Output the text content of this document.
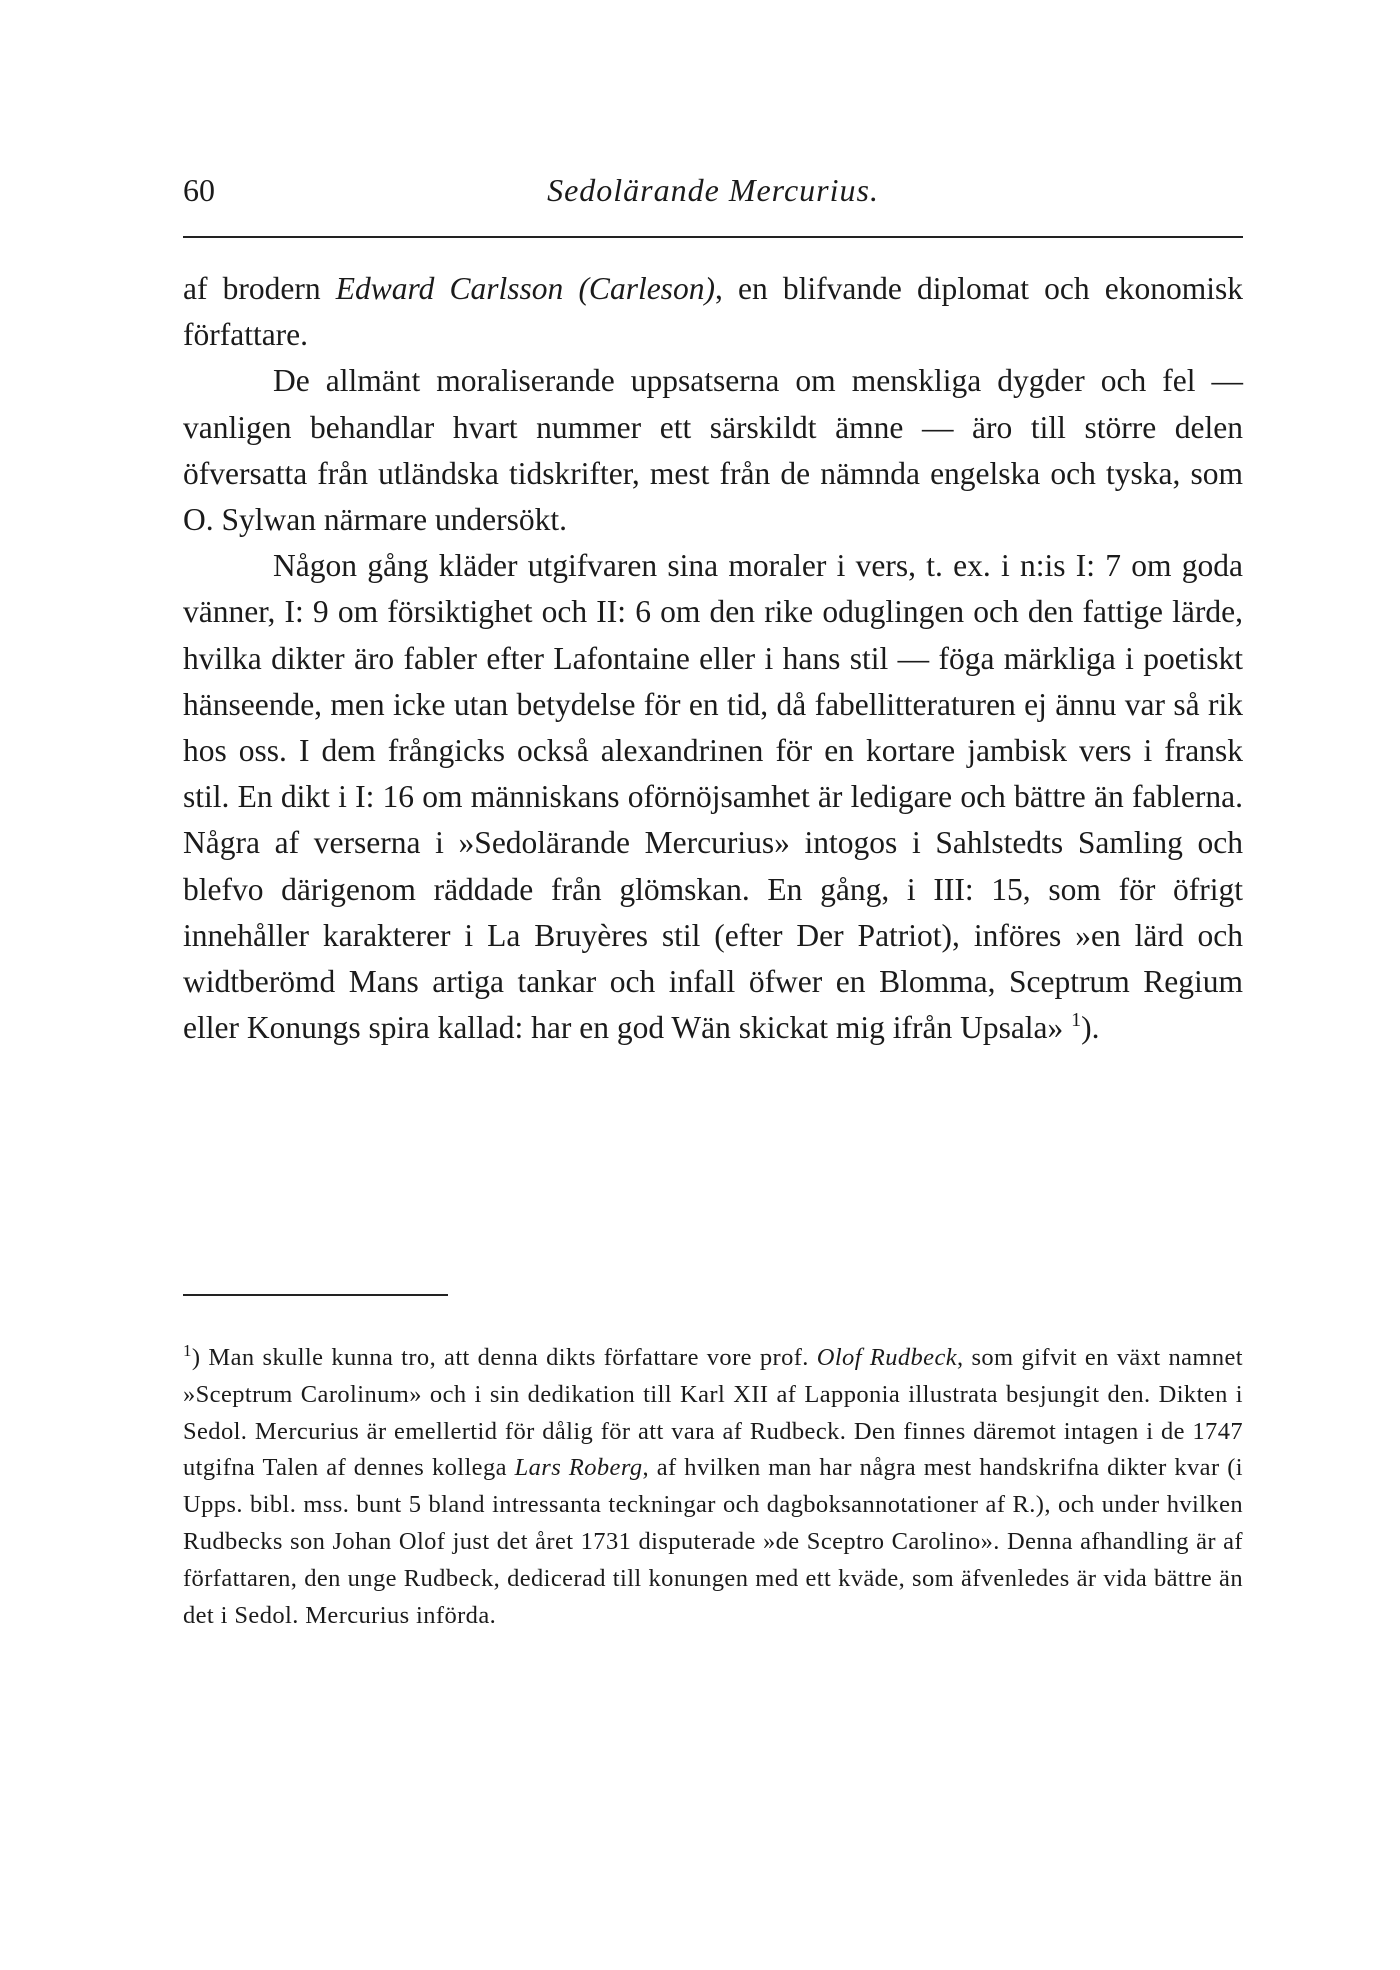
60	Sedolärande Mercurius.

af brodern Edward Carlsson (Carleson), en blifvande diplomat och ekonomisk författare.

De allmänt moraliserande uppsatserna om menskliga dygder och fel — vanligen behandlar hvart nummer ett särskildt ämne — äro till större delen öfversatta från utländska tidskrifter, mest från de nämnda engelska och tyska, som O. Sylwan närmare undersökt.

Någon gång kläder utgifvaren sina moraler i vers, t. ex. i n:is I: 7 om goda vänner, I: 9 om försiktighet och II: 6 om den rike oduglingen och den fattige lärde, hvilka dikter äro fabler efter Lafontaine eller i hans stil — föga märkliga i poetiskt hänseende, men icke utan betydelse för en tid, då fabellitteraturen ej ännu var så rik hos oss. I dem frångicks också alexandrinen för en kortare jambisk vers i fransk stil. En dikt i I: 16 om människans oförnöjsamhet är ledigare och bättre än fablerna. Några af verserna i »Sedolärande Mercurius» intogos i Sahlstedts Samling och blefvo därigenom räddade från glömskan. En gång, i III: 15, som för öfrigt innehåller karakterer i La Bruyères stil (efter Der Patriot), införes »en lärd och widtberömd Mans artiga tankar och infall öfwer en Blomma, Sceptrum Regium eller Konungs spira kallad: har en god Wän skickat mig ifrån Upsala» $^1$).

$^1$) Man skulle kunna tro, att denna dikts författare vore prof. Olof Rudbeck, som gifvit en växt namnet »Sceptrum Carolinum» och i sin dedikation till Karl XII af Lapponia illustrata besjungit den. Dikten i Sedol. Mercurius är emellertid för dålig för att vara af Rudbeck. Den finnes däremot intagen i de 1747 utgifna Talen af dennes kollega Lars Roberg, af hvilken man har några mest handskrifna dikter kvar (i Upps. bibl. mss. bunt 5 bland intressanta teckningar och dagboksannotationer af R.), och under hvilken Rudbecks son Johan Olof just det året 1731 disputerade »de Sceptro Carolino». Denna afhandling är af författaren, den unge Rudbeck, dedicerad till konungen med ett kväde, som äfvenledes är vida bättre än det i Sedol. Mercurius införda.
